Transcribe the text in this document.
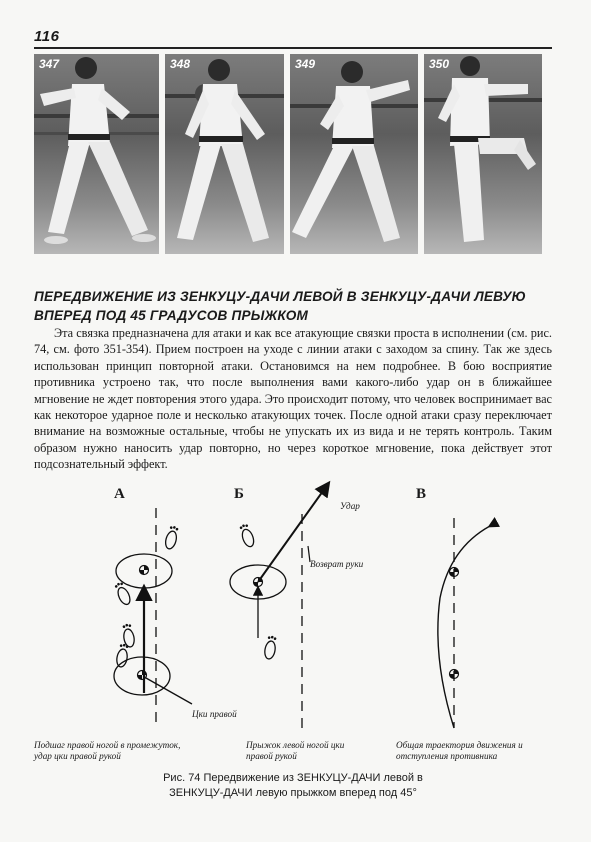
116
347	348	349	350
ПЕРЕДВИЖЕНИЕ ИЗ ЗЕНКУЦУ-ДАЧИ ЛЕВОЙ В ЗЕНКУЦУ-ДАЧИ ЛЕВУЮ ВПЕРЕД ПОД 45 ГРАДУСОВ ПРЫЖКОМ

Эта связка предназначена для атаки и как все атакующие связки проста в исполнении (см. рис. 74, см. фото 351-354). Прием построен на уходе с линии атаки с заходом за спину. Так же здесь использован принцип повторной атаки. Остановимся на нем подробнее. В бою восприятие противника устроено так, что после выполнения вами какого-либо удар он в ближайшее мгновение не ждет повторения этого удара. Это происходит потому, что человек воспринимает вас как некоторое ударное поле и несколько атакующих точек. После одной атаки сразу переключает внимание на возможные остальные, чтобы не упускать их из вида и не терять контроль. Таким образом нужно наносить удар повторно, но через короткое мгновение, пока действует этот подсознательный эффект.

А	Б	В
Цки правой
Удар
Возврат руки
Подшаг правой ногой в промежуток, удар цки правой рукой
Прыжок левой ногой цки правой рукой
Общая траектория движения и отступления противника

Рис. 74 Передвижение из ЗЕНКУЦУ-ДАЧИ левой в
ЗЕНКУЦУ-ДАЧИ левую прыжком вперед под 45°
